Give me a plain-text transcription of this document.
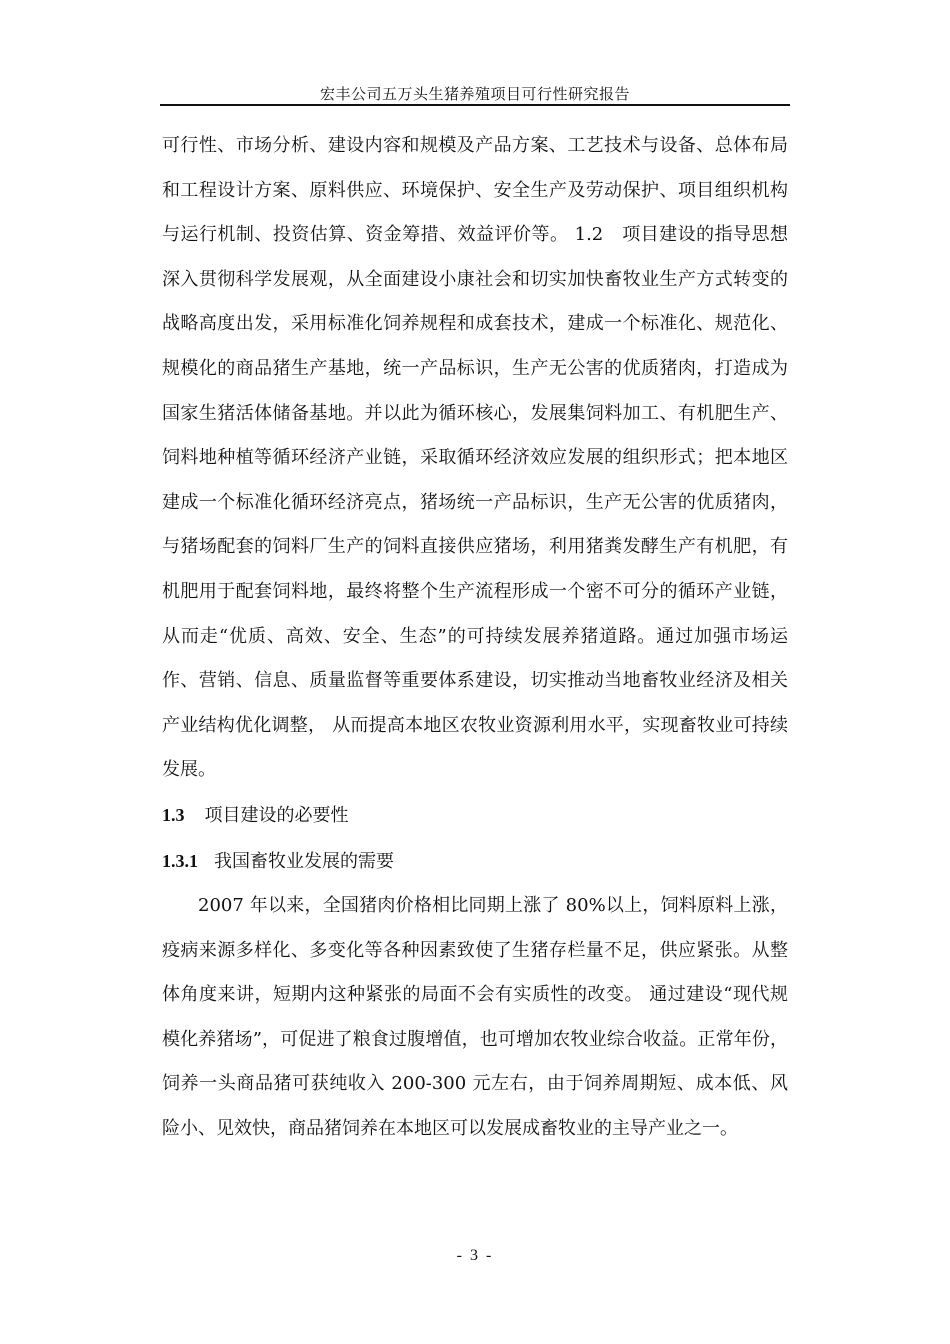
宏丰公司五万头生猪养殖项目可行性研究报告

可行性、市场分析、建设内容和规模及产品方案、工艺技术与设备、总体布局和工程设计方案、原料供应、环境保护、安全生产及劳动保护、项目组织机构与运行机制、投资估算、资金筹措、效益评价等。 1.2　项目建设的指导思想 深入贯彻科学发展观，从全面建设小康社会和切实加快畜牧业生产方式转变的战略高度出发，采用标准化饲养规程和成套技术，建成一个标准化、规范化、规模化的商品猪生产基地，统一产品标识，生产无公害的优质猪肉，打造成为国家生猪活体储备基地。并以此为循环核心，发展集饲料加工、有机肥生产、饲料地种植等循环经济产业链，采取循环经济效应发展的组织形式；把本地区建成一个标准化循环经济亮点，猪场统一产品标识，生产无公害的优质猪肉，与猪场配套的饲料厂生产的饲料直接供应猪场，利用猪粪发酵生产有机肥，有机肥用于配套饲料地，最终将整个生产流程形成一个密不可分的循环产业链，从而走“优质、高效、安全、生态”的可持续发展养猪道路。通过加强市场运作、营销、信息、质量监督等重要体系建设，切实推动当地畜牧业经济及相关产业结构优化调整， 从而提高本地区农牧业资源利用水平，实现畜牧业可持续发展。

1.3 项目建设的必要性

1.3.1 我国畜牧业发展的需要

2007 年以来，全国猪肉价格相比同期上涨了 80%以上，饲料原料上涨，疫病来源多样化、多变化等各种因素致使了生猪存栏量不足，供应紧张。从整体角度来讲，短期内这种紧张的局面不会有实质性的改变。 通过建设“现代规模化养猪场”，可促进了粮食过腹增值，也可增加农牧业综合收益。正常年份，饲养一头商品猪可获纯收入 200-300 元左右，由于饲养周期短、成本低、风险小、见效快，商品猪饲养在本地区可以发展成畜牧业的主导产业之一。

- 3 -
